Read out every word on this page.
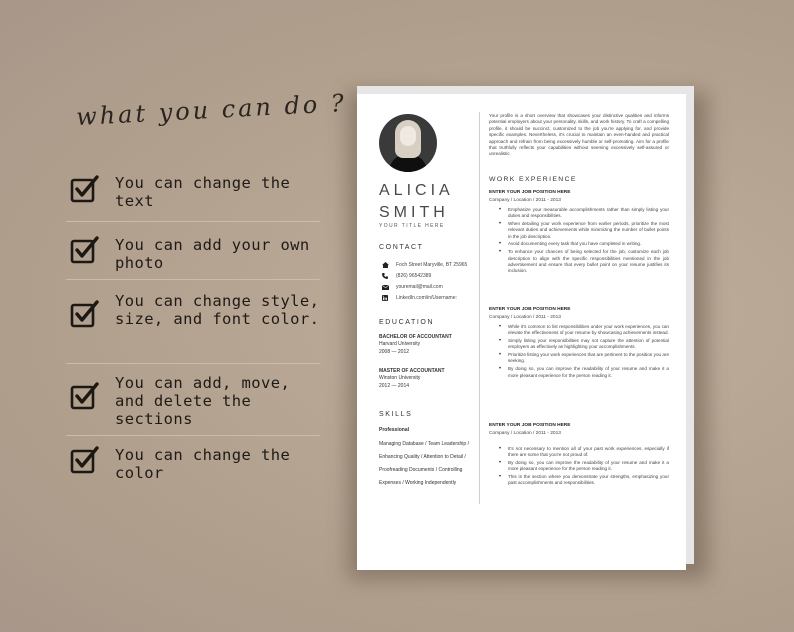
what you can do ?
You can change the text
You can add your own photo
You can change style, size, and font color.
You can add, move, and delete the sections
You can change the color
ALICIA
SMITH
YOUR TITLE HERE
CONTACT
Foch Street Maryville, BT 25965
(826) 96542389
youremail@mail.com
LinkedIn.com/in/Username:
EDUCATION
BACHELOR OF ACCOUNTANT
Harvard University
2008 — 2012
MASTER OF ACCOUNTANT
Winston University
2012 — 2014
SKILLS
Professional
Managing Database / Team Leadership /
Enhancing Quality / Attention to Detail /
Proofreading Documents / Controlling
Expenses / Working Independently
Your profile is a short overview that showcases your distinctive qualities and informs potential employers about your personality, skills, and work history. To craft a compelling profile, it should be succinct, customized to the job you're applying for, and provide specific examples. Nevertheless, it's crucial to maintain an even-handed and practical approach and refrain from being excessively humble or self-promoting. Aim for a profile that truthfully reflects your capabilities without seeming excessively self-assured or unrealistic
WORK EXPERIENCE
ENTER YOUR JOB POSITION HERE
Company / Location / 2011 - 2013
• Emphasize your measurable accomplishments rather than simply listing your duties and responsibilities.
• When detailing your work experience from earlier periods, prioritize the most relevant duties and achievements while minimizing the number of bullet points in the job description.
• Avoid documenting every task that you have completed in writing.
• To enhance your chances of being selected for the job, customize each job description to align with the specific responsibilities mentioned in the job advertisement and ensure that every bullet point on your resume justifies its inclusion.
ENTER YOUR JOB POSITION HERE
Company / Location / 2011 - 2013
• While it's common to list responsibilities under your work experiences, you can elevate the effectiveness of your resume by showcasing achievements instead.
• Simply listing your responsibilities may not capture the attention of potential employers as effectively as highlighting your accomplishments.
• Prioritize listing your work experiences that are pertinent to the position you are seeking.
• By doing so, you can improve the readability of your resume and make it a more pleasant experience for the person reading it.
ENTER YOUR JOB POSITION HERE
Company / Location / 2011 - 2013
• It's not necessary to mention all of your past work experiences, especially if there are some that you're not proud of.
• By doing so, you can improve the readability of your resume and make it a more pleasant experience for the person reading it.
• This is the section where you demonstrate your strengths, emphasizing your past accomplishments and responsibilities.
